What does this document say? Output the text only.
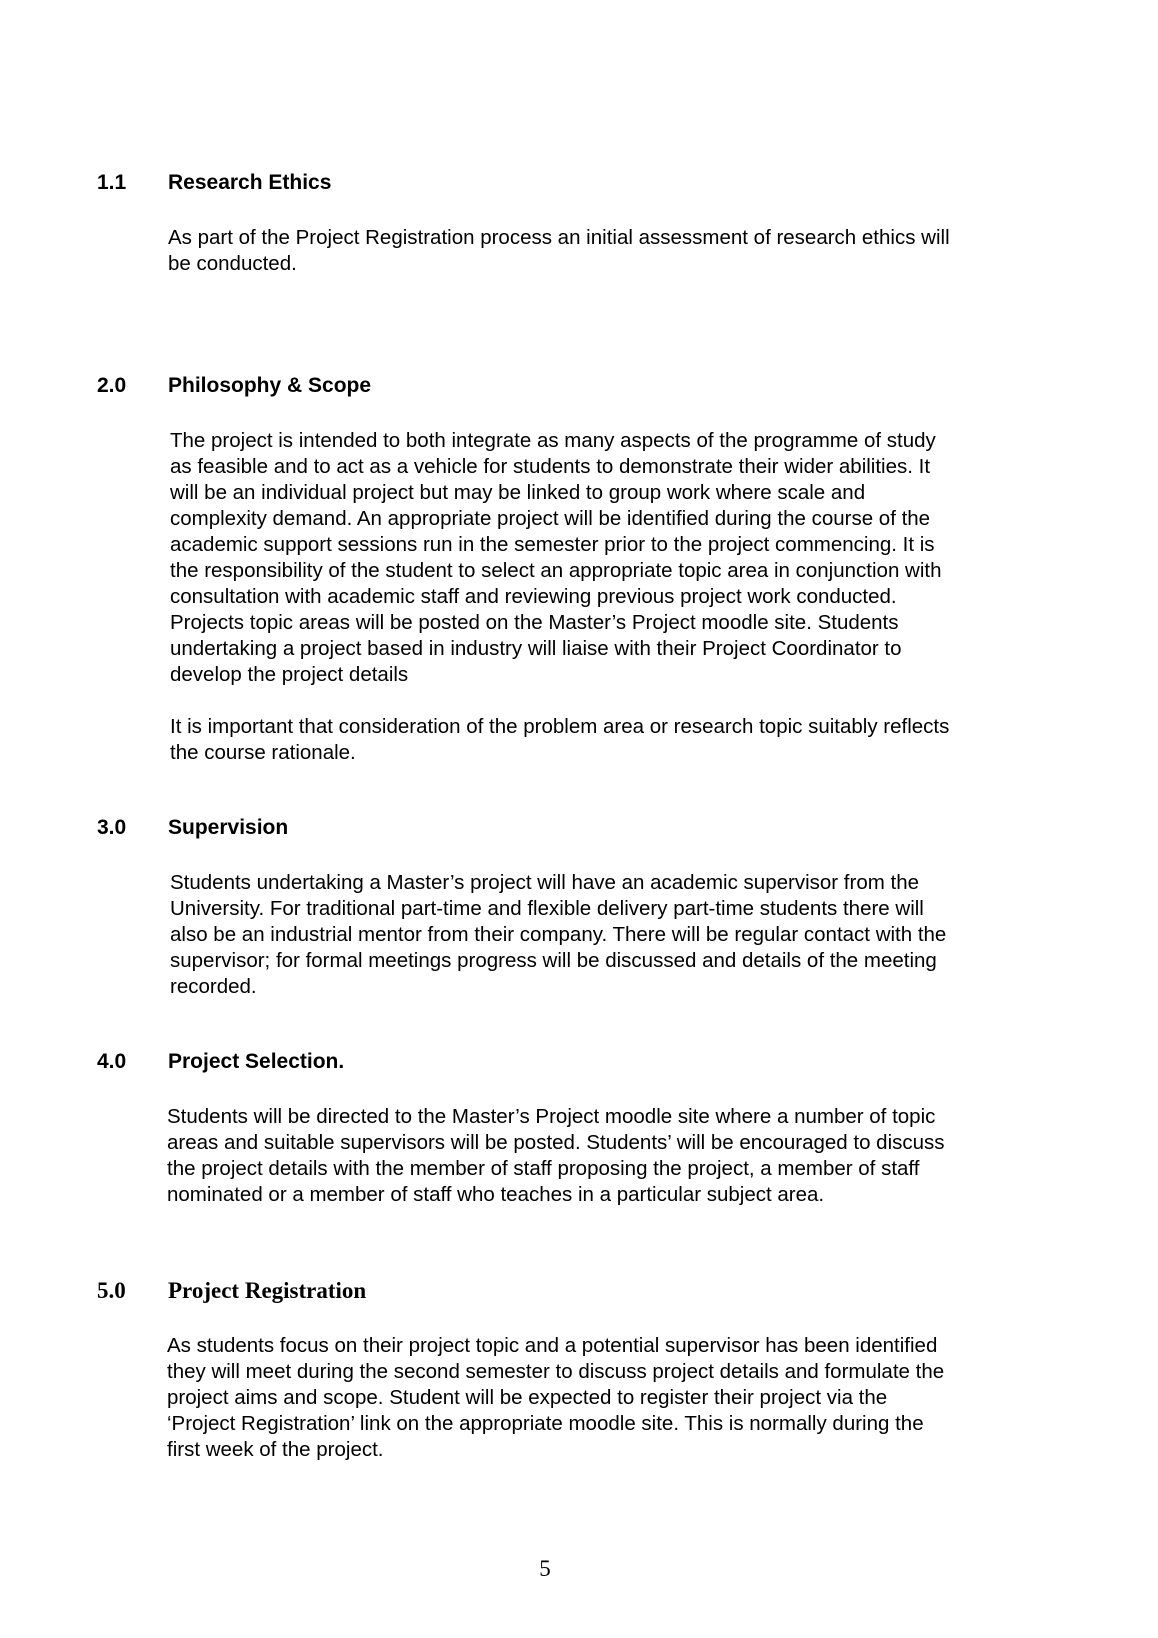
1.1 Research Ethics

As part of the Project Registration process an initial assessment of research ethics will
be conducted.

2.0 Philosophy & Scope

The project is intended to both integrate as many aspects of the programme of study
as feasible and to act as a vehicle for students to demonstrate their wider abilities. It
will be an individual project but may be linked to group work where scale and
complexity demand. An appropriate project will be identified during the course of the
academic support sessions run in the semester prior to the project commencing. It is
the responsibility of the student to select an appropriate topic area in conjunction with
consultation with academic staff and reviewing previous project work conducted.
Projects topic areas will be posted on the Master’s Project moodle site. Students
undertaking a project based in industry will liaise with their Project Coordinator to
develop the project details

It is important that consideration of the problem area or research topic suitably reflects
the course rationale.

3.0 Supervision

Students undertaking a Master’s project will have an academic supervisor from the
University. For traditional part-time and flexible delivery part-time students there will
also be an industrial mentor from their company. There will be regular contact with the
supervisor; for formal meetings progress will be discussed and details of the meeting
recorded.

4.0 Project Selection.

Students will be directed to the Master’s Project moodle site where a number of topic
areas and suitable supervisors will be posted. Students’ will be encouraged to discuss
the project details with the member of staff proposing the project, a member of staff
nominated or a member of staff who teaches in a particular subject area.

5.0 Project Registration

As students focus on their project topic and a potential supervisor has been identified
they will meet during the second semester to discuss project details and formulate the
project aims and scope. Student will be expected to register their project via the
‘Project Registration’ link on the appropriate moodle site. This is normally during the
first week of the project.

5
